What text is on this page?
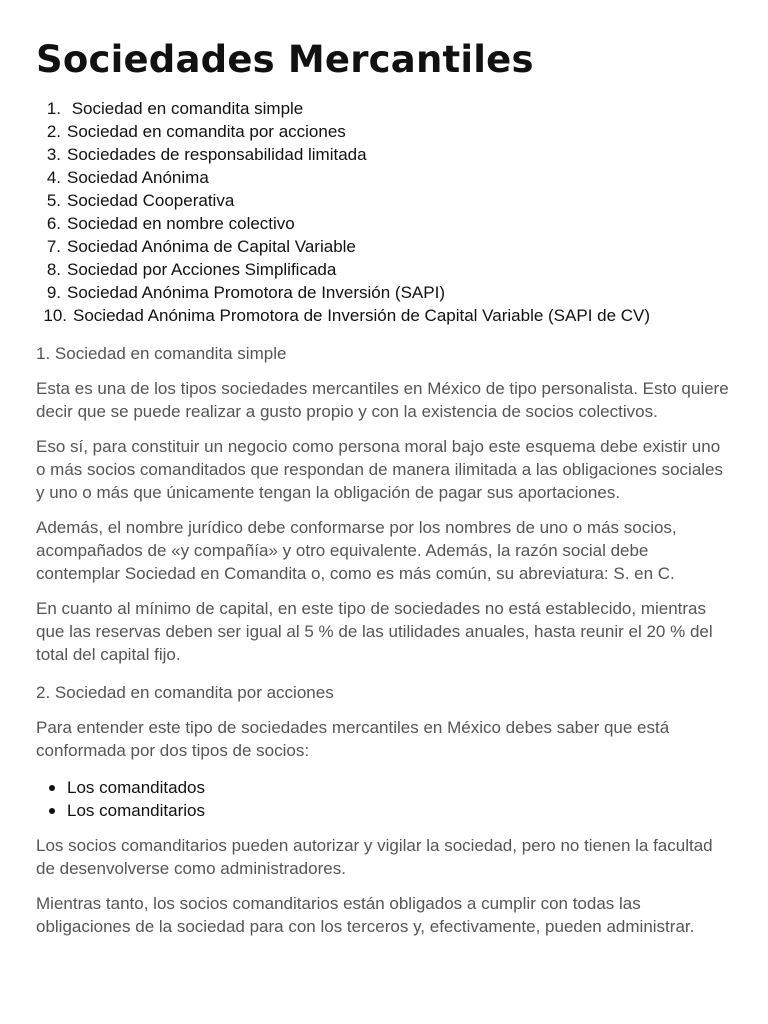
Sociedades Mercantiles
1. Sociedad en comandita simple
2. Sociedad en comandita por acciones
3. Sociedades de responsabilidad limitada
4. Sociedad Anónima
5. Sociedad Cooperativa
6. Sociedad en nombre colectivo
7. Sociedad Anónima de Capital Variable
8. Sociedad por Acciones Simplificada
9. Sociedad Anónima Promotora de Inversión (SAPI)
10. Sociedad Anónima Promotora de Inversión de Capital Variable (SAPI de CV)
1. Sociedad en comandita simple

Esta es una de los tipos sociedades mercantiles en México de tipo personalista. Esto quiere decir que se puede realizar a gusto propio y con la existencia de socios colectivos.

Eso sí, para constituir un negocio como persona moral bajo este esquema debe existir uno o más socios comanditados que respondan de manera ilimitada a las obligaciones sociales y uno o más que únicamente tengan la obligación de pagar sus aportaciones.

Además, el nombre jurídico debe conformarse por los nombres de uno o más socios, acompañados de «y compañía» y otro equivalente. Además, la razón social debe contemplar Sociedad en Comandita o, como es más común, su abreviatura: S. en C.

En cuanto al mínimo de capital, en este tipo de sociedades no está establecido, mientras que las reservas deben ser igual al 5 % de las utilidades anuales, hasta reunir el 20 % del total del capital fijo.

2. Sociedad en comandita por acciones

Para entender este tipo de sociedades mercantiles en México debes saber que está conformada por dos tipos de socios:

Los comanditados
Los comanditarios

Los socios comanditarios pueden autorizar y vigilar la sociedad, pero no tienen la facultad de desenvolverse como administradores.

Mientras tanto, los socios comanditarios están obligados a cumplir con todas las obligaciones de la sociedad para con los terceros y, efectivamente, pueden administrar.
